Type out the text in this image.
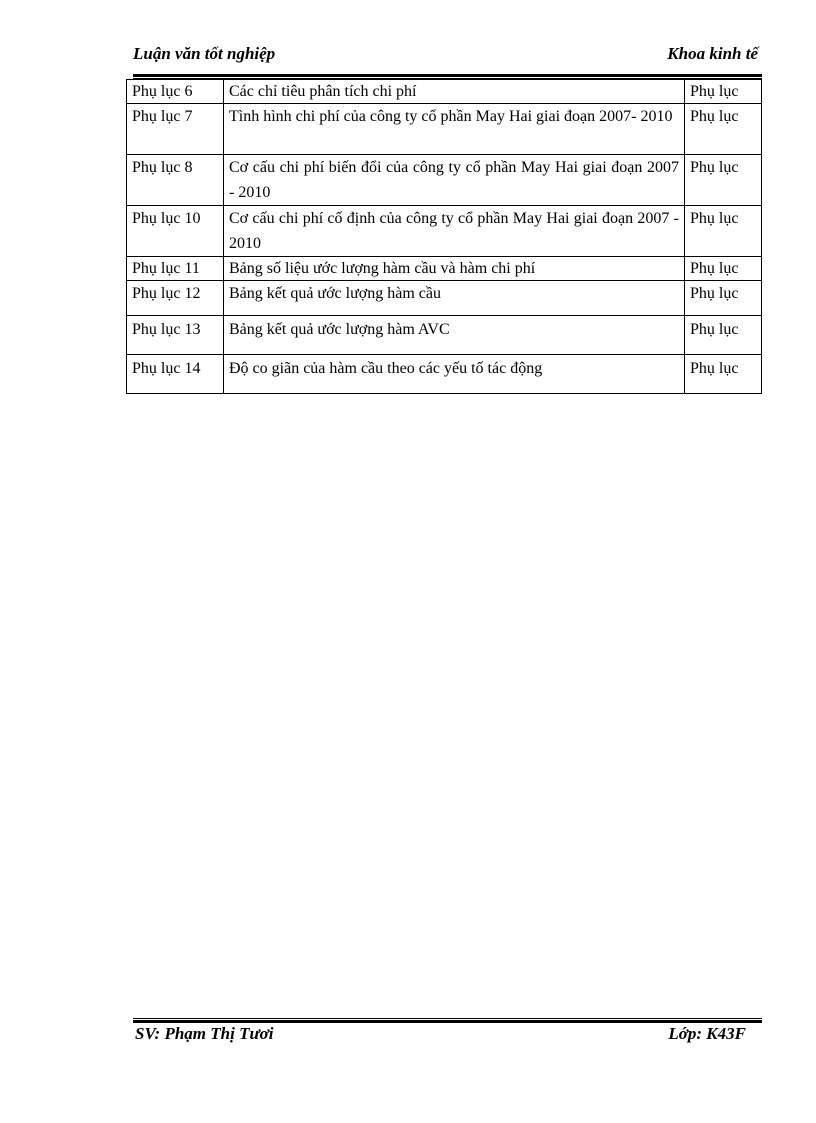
Luận văn tốt nghiệp	Khoa kinh tế
Phụ lục 6	Các chỉ tiêu phân tích chi phí	Phụ lục
Phụ lục 7	Tình hình chi phí của công ty cổ phần May Hai giai đoạn 2007- 2010	Phụ lục
Phụ lục 8	Cơ cấu chi phí biến đổi của công ty cổ phần May Hai giai đoạn 2007 - 2010	Phụ lục
Phụ lục 10	Cơ cấu chi phí cố định của công ty cổ phần May Hai giai đoạn 2007 - 2010	Phụ lục
Phụ lục 11	Bảng số liệu ước lượng hàm cầu và hàm chi phí	Phụ lục
Phụ lục 12	Bảng kết quả ước lượng hàm cầu	Phụ lục
Phụ lục 13	Bảng kết quả ước lượng hàm AVC	Phụ lục
Phụ lục 14	Độ co giãn của hàm cầu theo các yếu tố tác động	Phụ lục
SV: Phạm Thị Tươi	Lớp: K43F
